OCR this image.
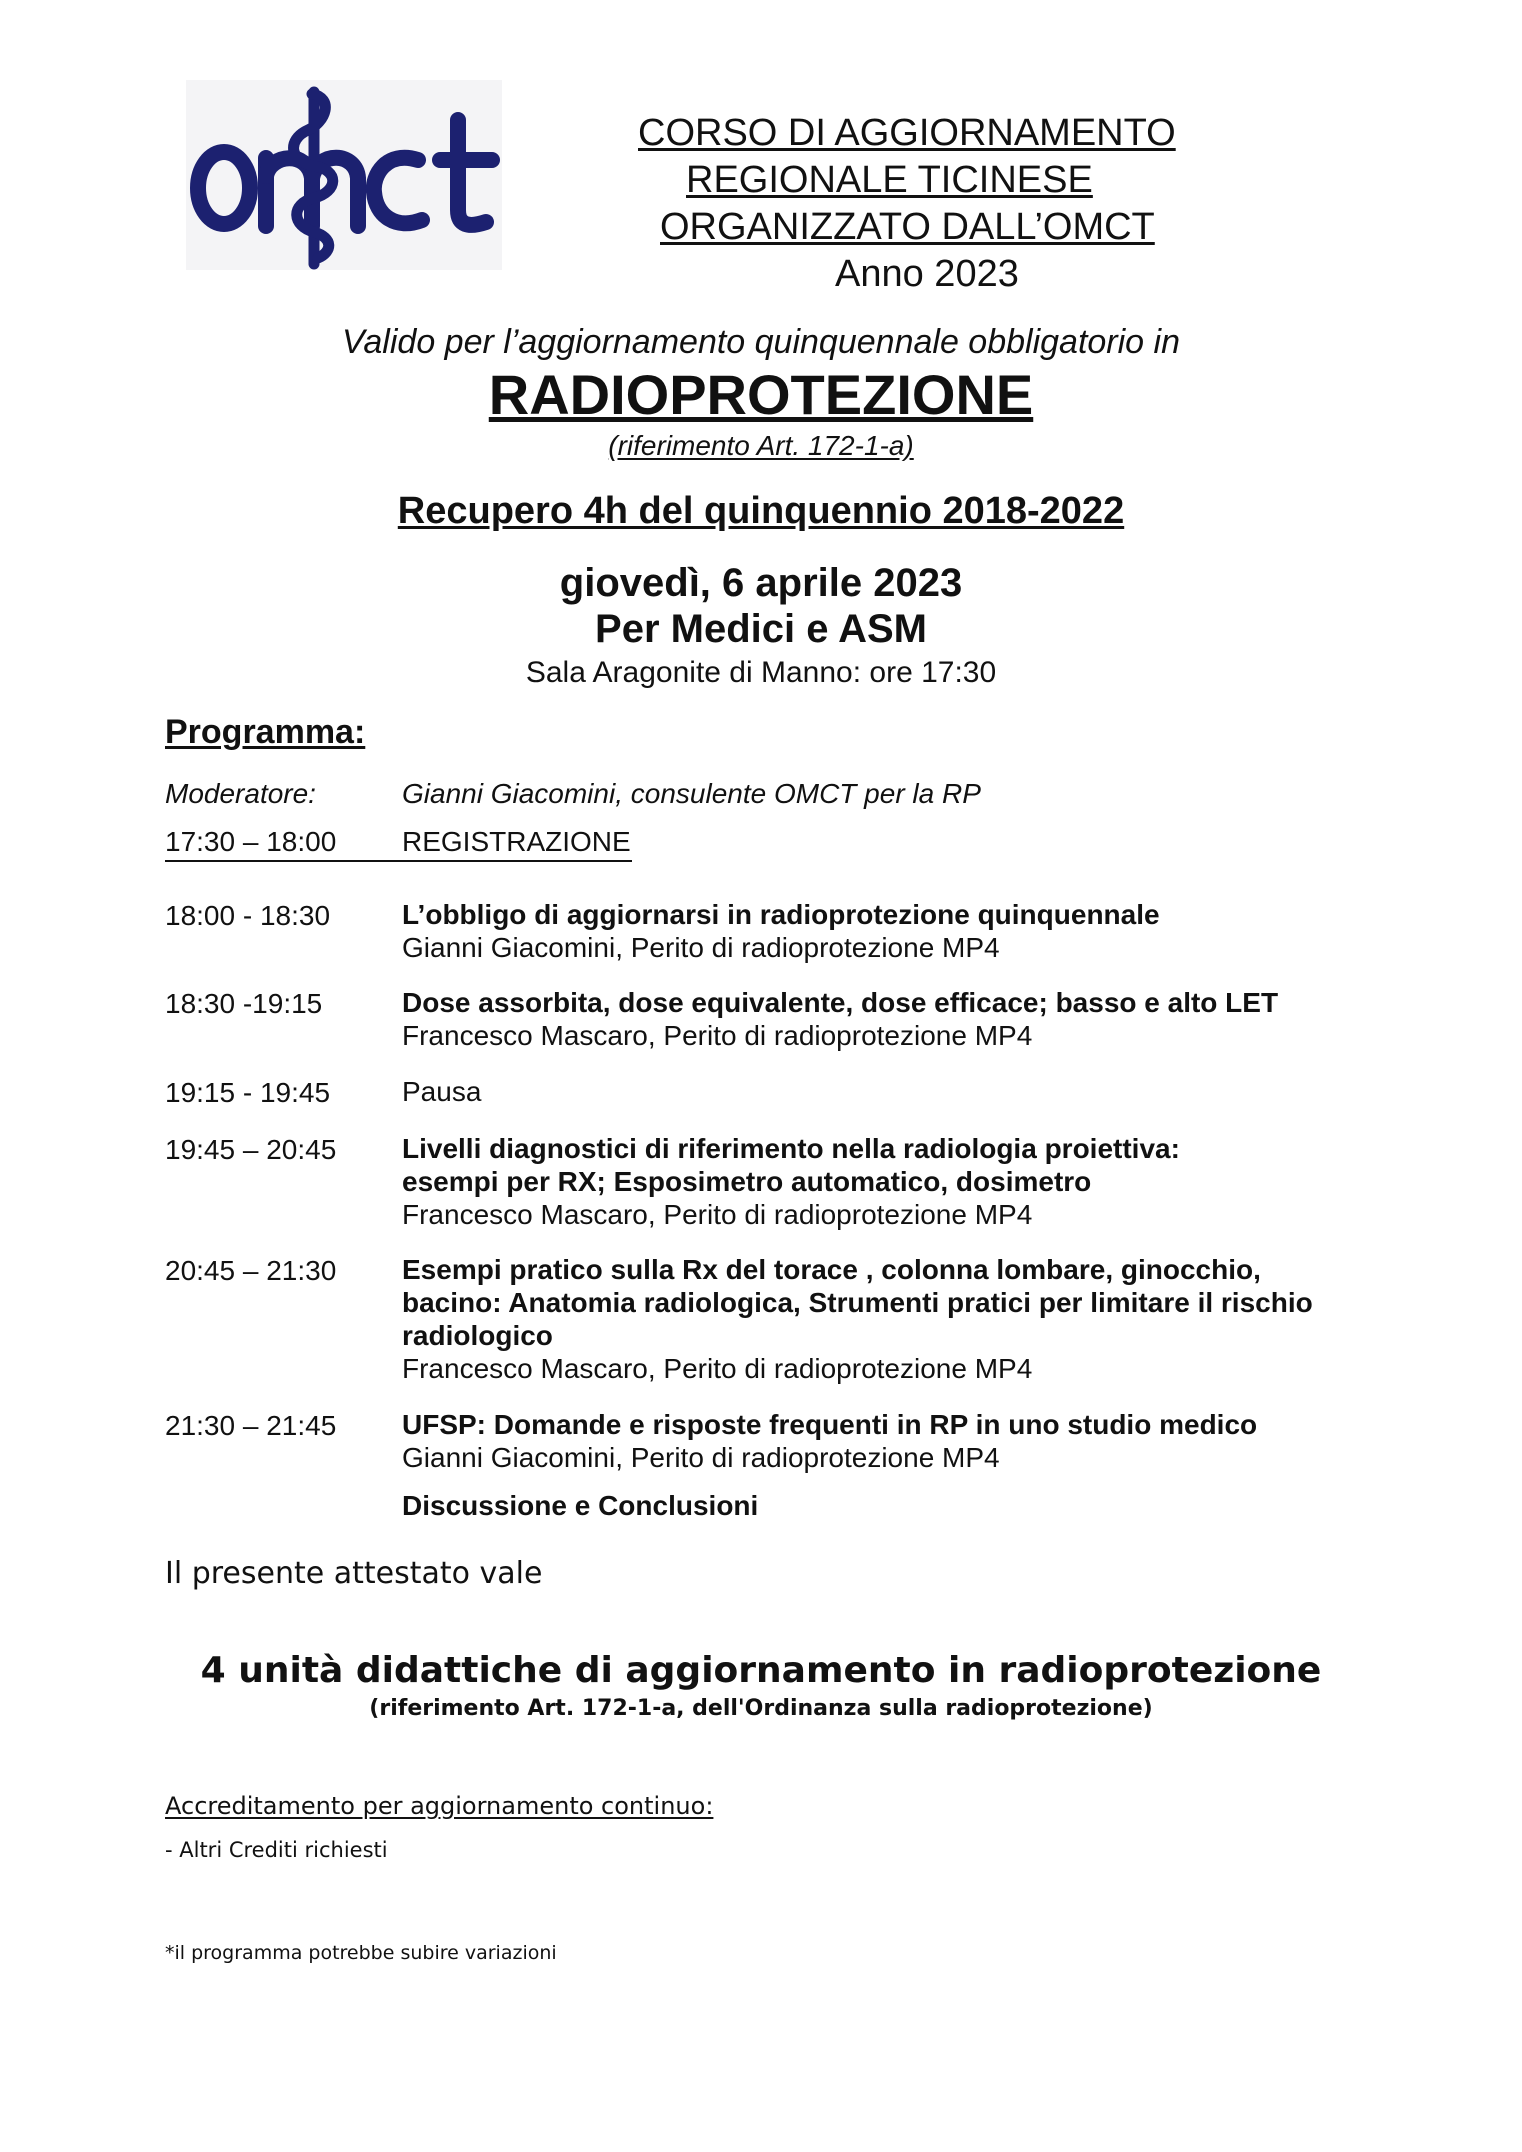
CORSO DI AGGIORNAMENTO
REGIONALE TICINESE
ORGANIZZATO DALL’OMCT
Anno 2023
Valido per l’aggiornamento quinquennale obbligatorio in
RADIOPROTEZIONE
(riferimento Art. 172-1-a)
Recupero 4h del quinquennio 2018-2022
giovedì, 6 aprile 2023
Per Medici e ASM
Sala Aragonite di Manno: ore 17:30
Programma:
Moderatore:	Gianni Giacomini, consulente OMCT per la RP
17:30 – 18:00 REGISTRAZIONE
18:00 - 18:30	L’obbligo di aggiornarsi in radioprotezione quinquennale
Gianni Giacomini, Perito di radioprotezione MP4
18:30 -19:15	Dose assorbita, dose equivalente, dose efficace; basso e alto LET
Francesco Mascaro, Perito di radioprotezione MP4
19:15 - 19:45	Pausa
19:45 – 20:45 Livelli diagnostici di riferimento nella radiologia proiettiva: esempi per RX; Esposimetro automatico, dosimetro
Francesco Mascaro, Perito di radioprotezione MP4
20:45 – 21:30 Esempi pratico sulla Rx del torace , colonna lombare, ginocchio, bacino: Anatomia radiologica, Strumenti pratici per limitare il rischio radiologico
Francesco Mascaro, Perito di radioprotezione MP4
21:30 – 21:45 UFSP: Domande e risposte frequenti in RP in uno studio medico
Gianni Giacomini, Perito di radioprotezione MP4
Discussione e Conclusioni
Il presente attestato vale
4 unità didattiche di aggiornamento in radioprotezione
(riferimento Art. 172-1-a, dell'Ordinanza sulla radioprotezione)
Accreditamento per aggiornamento continuo:
- Altri Crediti richiesti
*il programma potrebbe subire variazioni
